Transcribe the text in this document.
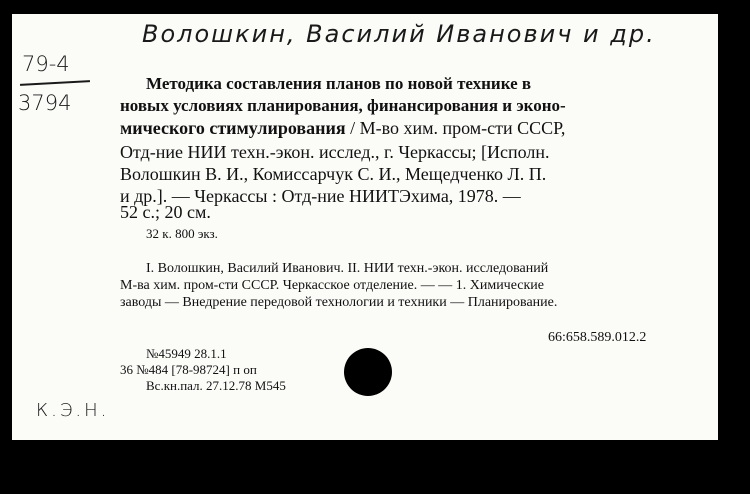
Волошкин, Василий Иванович и др.
79-4
3794
Методика составления планов по новой технике в
новых условиях планирования, финансирования и эконо-
мического стимулирования / М-во хим. пром-сти СССР,
Отд-ние НИИ техн.-экон. исслед., г. Черкассы; [Исполн.
Волошкин В. И., Комиссарчук С. И., Мещедченко Л. П.
и др.]. — Черкассы : Отд-ние НИИТЭхима, 1978. —
52 с.; 20 см.
32 к. 800 экз.
I. Волошкин, Василий Иванович. II. НИИ техн.-экон. исследований
М-ва хим. пром-сти СССР. Черкасское отделение. — — 1. Химические
заводы — Внедрение передовой технологии и техники — Планирование.
66:658.589.012.2
№45949 28.1.1
36 №484 [78-98724] п оп
Вс.кн.пал. 27.12.78 М545
К.Э.Н.
